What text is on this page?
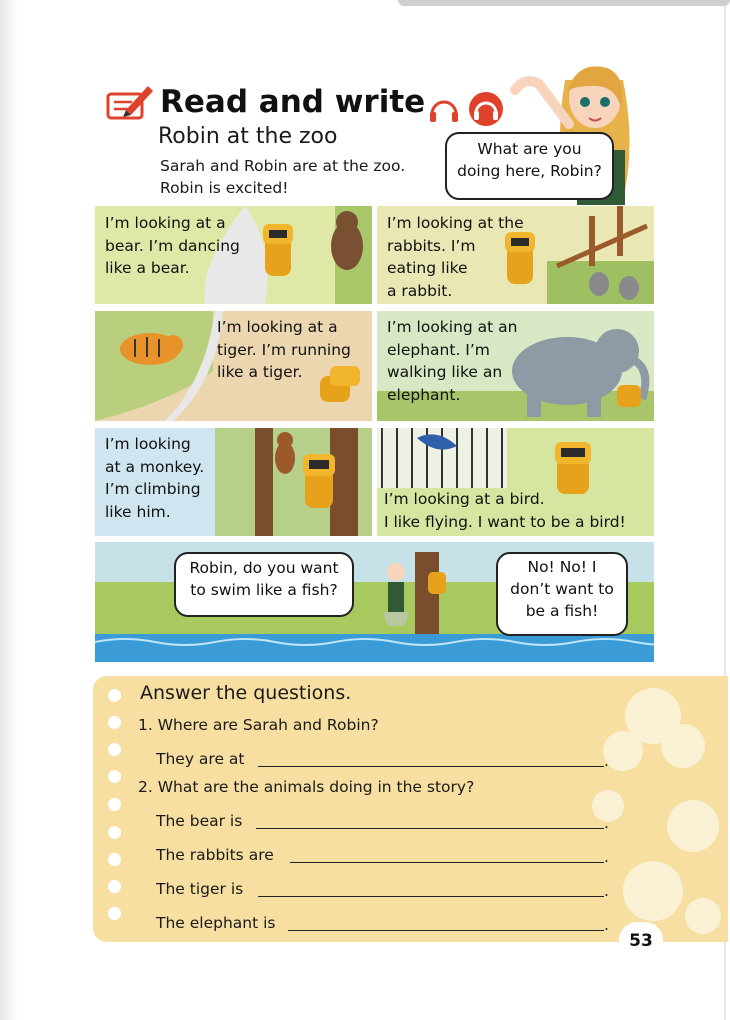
Read and write
Robin at the zoo
Sarah and Robin are at the zoo.
Robin is excited!
What are you
doing here, Robin?
I’m looking at a
bear. I’m dancing
like a bear.
I’m looking at the
rabbits. I’m
eating like
a rabbit.
I’m looking at a
tiger. I’m running
like a tiger.
I’m looking at an
elephant. I’m
walking like an
elephant.
I’m looking
at a monkey.
I’m climbing
like him.
I’m looking at a bird.
I like flying. I want to be a bird!
Robin, do you want
to swim like a fish?
No! No! I
don’t want to
be a fish!
Answer the questions.
1. Where are Sarah and Robin?
They are at	.
2. What are the animals doing in the story?
The bear is	.
The rabbits are	.
The tiger is	.
The elephant is	.
53
